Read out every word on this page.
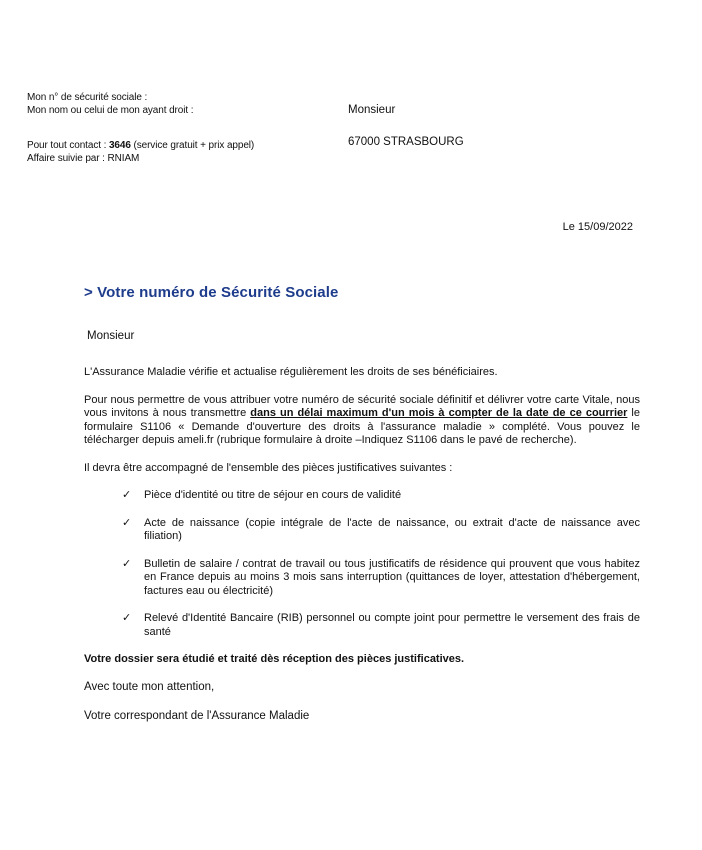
Mon n° de sécurité sociale :
Mon nom ou celui de mon ayant droit :
Pour tout contact : 3646 (service gratuit + prix appel)
Affaire suivie par : RNIAM
Monsieur
67000 STRASBOURG
Le 15/09/2022
> Votre numéro de Sécurité Sociale
Monsieur

L'Assurance Maladie vérifie et actualise régulièrement les droits de ses bénéficiaires.

Pour nous permettre de vous attribuer votre numéro de sécurité sociale définitif et délivrer votre carte Vitale, nous vous invitons à nous transmettre dans un délai maximum d'un mois à compter de la date de ce courrier le formulaire S1106 « Demande d'ouverture des droits à l'assurance maladie » complété. Vous pouvez le télécharger depuis ameli.fr (rubrique formulaire à droite –Indiquez S1106 dans le pavé de recherche).

Il devra être accompagné de l'ensemble des pièces justificatives suivantes :

✓ Pièce d'identité ou titre de séjour en cours de validité
✓ Acte de naissance (copie intégrale de l'acte de naissance, ou extrait d'acte de naissance avec filiation)
✓ Bulletin de salaire / contrat de travail ou tous justificatifs de résidence qui prouvent que vous habitez en France depuis au moins 3 mois sans interruption (quittances de loyer, attestation d'hébergement, factures eau ou électricité)
✓ Relevé d'Identité Bancaire (RIB) personnel ou compte joint pour permettre le versement des frais de santé

Votre dossier sera étudié et traité dès réception des pièces justificatives.

Avec toute mon attention,

Votre correspondant de l'Assurance Maladie
